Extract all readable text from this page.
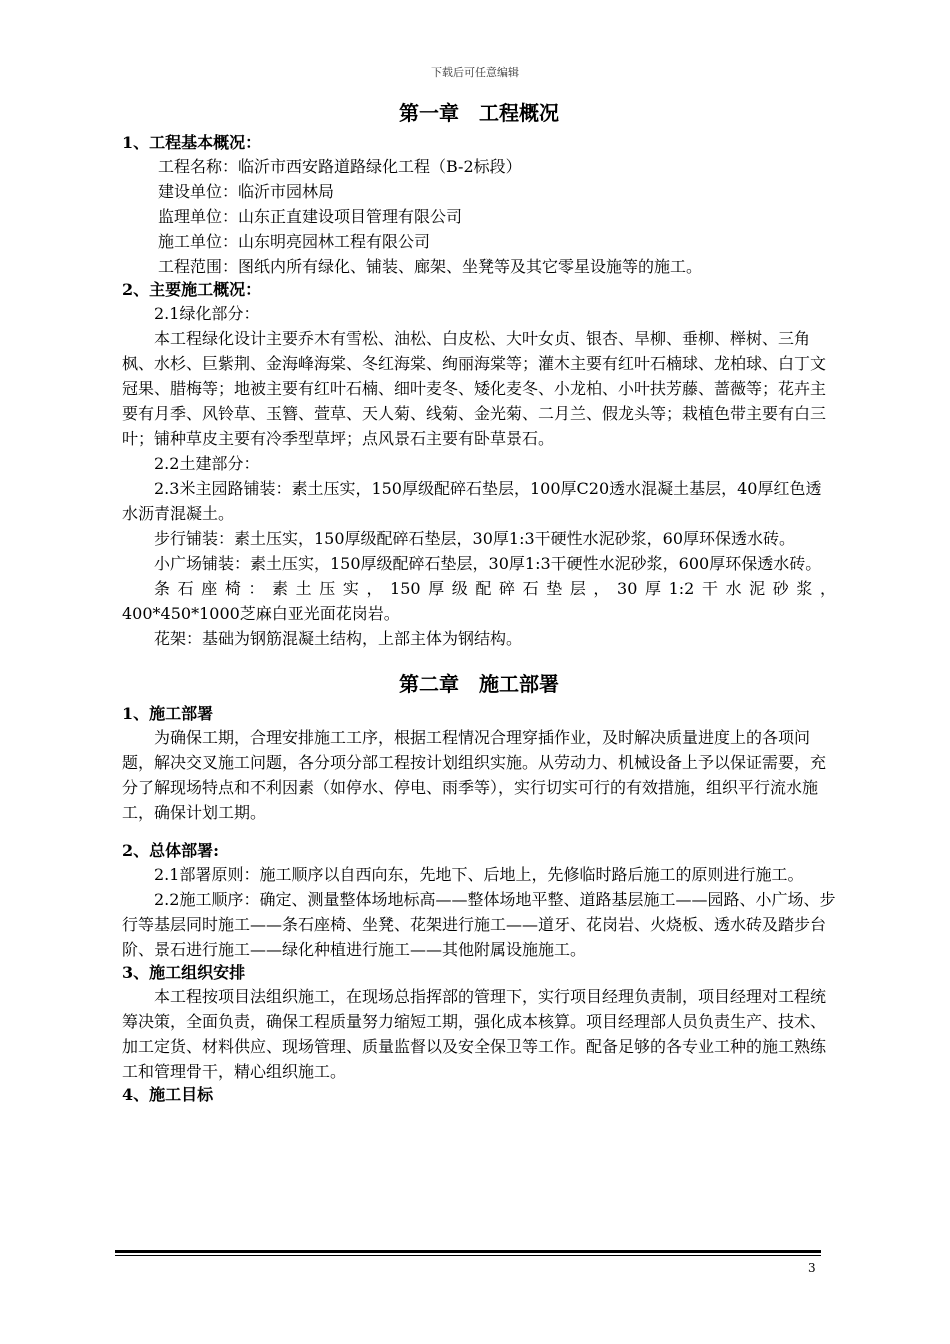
下载后可任意编辑
第一章　工程概况
1、工程基本概况：
工程名称：临沂市西安路道路绿化工程（B-2标段）
建设单位：临沂市园林局
监理单位：山东正直建设项目管理有限公司
施工单位：山东明亮园林工程有限公司
工程范围：图纸内所有绿化、铺装、廊架、坐凳等及其它零星设施等的施工。
2、主要施工概况：
2.1绿化部分：
本工程绿化设计主要乔木有雪松、油松、白皮松、大叶女贞、银杏、旱柳、垂柳、榉树、三角枫、水杉、巨紫荆、金海峰海棠、冬红海棠、绚丽海棠等；灌木主要有红叶石楠球、龙柏球、白丁文冠果、腊梅等；地被主要有红叶石楠、细叶麦冬、矮化麦冬、小龙柏、小叶扶芳藤、蔷薇等；花卉主要有月季、风铃草、玉簪、萱草、天人菊、线菊、金光菊、二月兰、假龙头等；栽植色带主要有白三叶；铺种草皮主要有冷季型草坪；点风景石主要有卧草景石。
2.2土建部分：
2.3米主园路铺装：素土压实，150厚级配碎石垫层，100厚C20透水混凝土基层，40厚红色透水沥青混凝土。
步行铺装：素土压实，150厚级配碎石垫层，30厚1:3干硬性水泥砂浆，60厚环保透水砖。
小广场铺装：素土压实，150厚级配碎石垫层，30厚1:3干硬性水泥砂浆，600厚环保透水砖。
条石座椅：素土压实，150厚级配碎石垫层，30厚1:2干水泥砂浆，
400*450*1000芝麻白亚光面花岗岩。
花架：基础为钢筋混凝土结构，上部主体为钢结构。
第二章　施工部署
1、施工部署
为确保工期，合理安排施工工序，根据工程情况合理穿插作业，及时解决质量进度上的各项问题，解决交叉施工问题，各分项分部工程按计划组织实施。从劳动力、机械设备上予以保证需要，充分了解现场特点和不利因素（如停水、停电、雨季等），实行切实可行的有效措施，组织平行流水施工，确保计划工期。
2、总体部署:
2.1部署原则：施工顺序以自西向东，先地下、后地上，先修临时路后施工的原则进行施工。
2.2施工顺序：确定、测量整体场地标高——整体场地平整、道路基层施工——园路、小广场、步行等基层同时施工——条石座椅、坐凳、花架进行施工——道牙、花岗岩、火烧板、透水砖及踏步台阶、景石进行施工——绿化种植进行施工——其他附属设施施工。
3、施工组织安排
本工程按项目法组织施工，在现场总指挥部的管理下，实行项目经理负责制，项目经理对工程统筹决策，全面负责，确保工程质量努力缩短工期，强化成本核算。项目经理部人员负责生产、技术、加工定货、材料供应、现场管理、质量监督以及安全保卫等工作。配备足够的各专业工种的施工熟练工和管理骨干，精心组织施工。
4、施工目标
3
